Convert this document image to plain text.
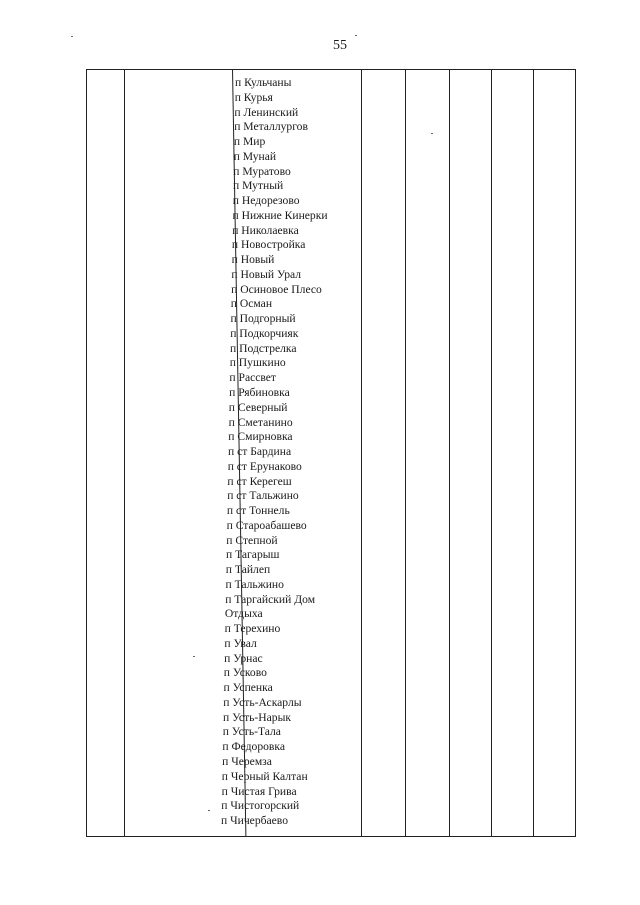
55
п Кульчаны
п Курья
п Ленинский
п Металлургов
п Мир
п Мунай
п Муратово
п Мутный
п Недорезово
п Нижние Кинерки
п Николаевка
п Новостройка
п Новый
п Новый Урал
п Осиновое Плесо
п Осман
п Подгорный
п Подкорчияк
п Подстрелка
п Пушкино
п Рассвет
п Рябиновка
п Северный
п Сметанино
п Смирновка
п ст Бардина
п ст Ерунаково
п ст Керегеш
п ст Тальжино
п ст Тоннель
п Староабашево
п Степной
п Тагарыш
п Тайлеп
п Тальжино
п Таргайский Дом
Отдыха
п Терехино
п Увал
п Урнас
п Усково
п Успенка
п Усть-Аскарлы
п Усть-Нарык
п Усть-Тала
п Федоровка
п Черемза
п Черный Калтан
п Чистая Грива
п Чистогорский
п Чичербаево
